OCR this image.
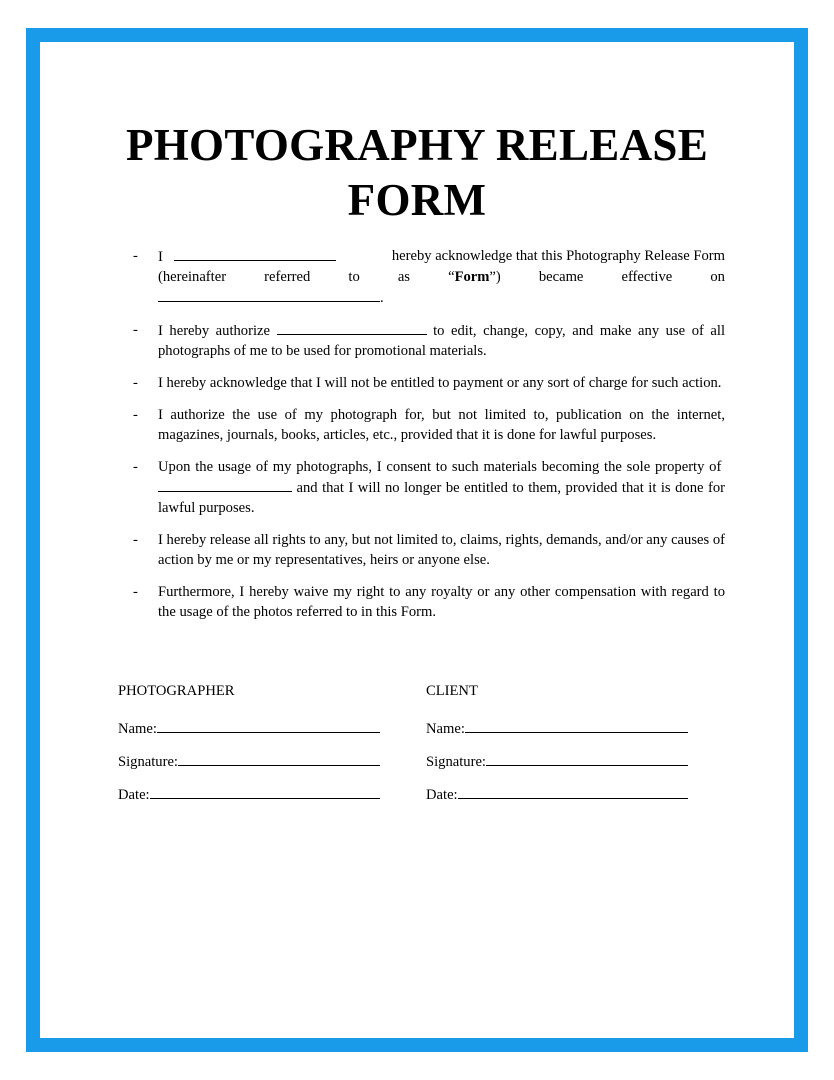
PHOTOGRAPHY RELEASE
FORM
- I	hereby acknowledge that this Photography Release Form
(hereinafter	referred	to	as	“Form”)	became	effective	on
.
- I hereby authorize	to edit, change, copy, and make any use of all photographs of me to be used for promotional materials.
- I hereby acknowledge that I will not be entitled to payment or any sort of charge for such action.
- I authorize the use of my photograph for, but not limited to, publication on the internet, magazines, journals, books, articles, etc., provided that it is done for lawful purposes.
- Upon the usage of my photographs, I consent to such materials becoming the sole property of  and that I will no longer be entitled to them, provided that it is done for lawful purposes.
- I hereby release all rights to any, but not limited to, claims, rights, demands, and/or any causes of action by me or my representatives, heirs or anyone else.
- Furthermore, I hereby waive my right to any royalty or any other compensation with regard to the usage of the photos referred to in this Form.
PHOTOGRAPHER
Name:
Signature:
Date:
CLIENT
Name:
Signature:
Date:
